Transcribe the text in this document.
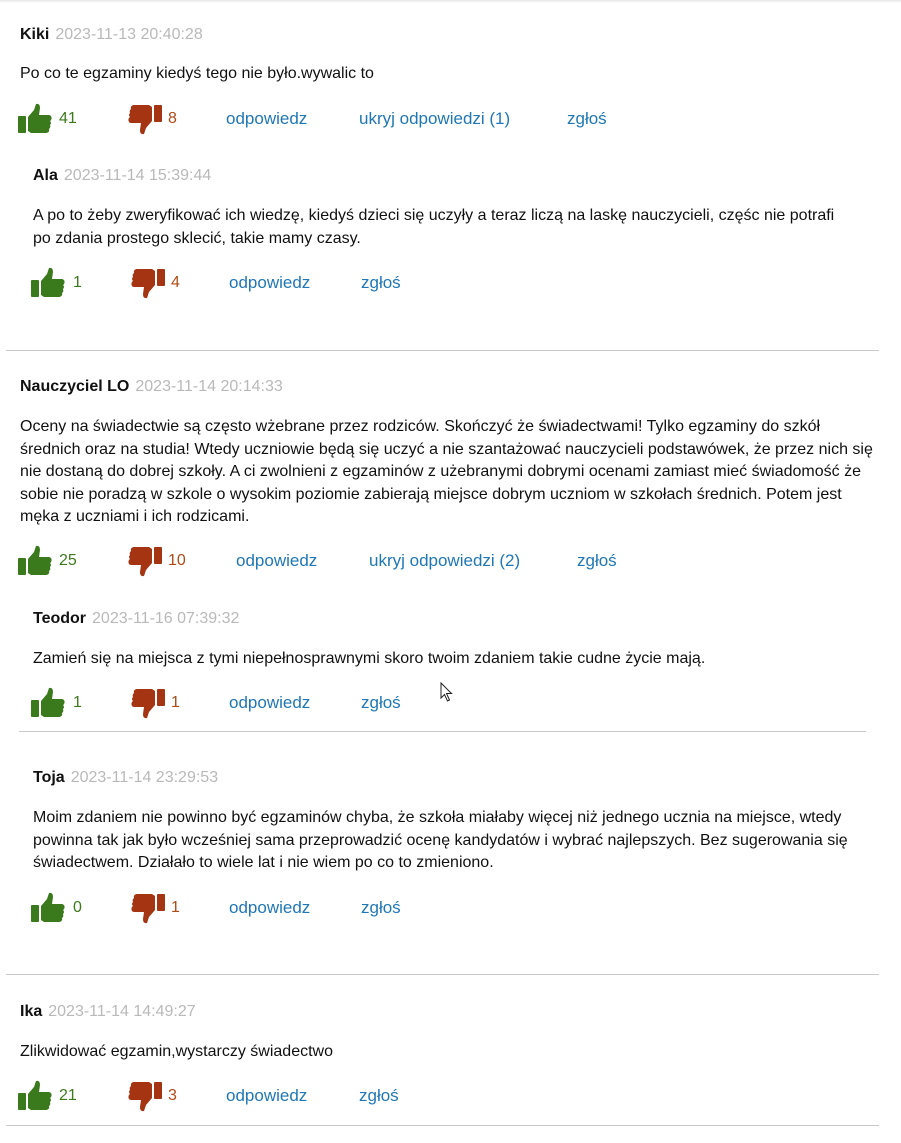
Kiki 2023-11-13 20:40:28
Po co te egzaminy kiedyś tego nie było.wywalic to
41	8	odpowiedz	ukryj odpowiedzi (1)	zgłoś
Ala 2023-11-14 15:39:44
A po to żeby zweryfikować ich wiedzę, kiedyś dzieci się uczyły a teraz liczą na laskę nauczycieli, częśc nie potrafi po zdania prostego sklecić, takie mamy czasy.
1	4	odpowiedz	zgłoś
Nauczyciel LO 2023-11-14 20:14:33
Oceny na świadectwie są często wżebrane przez rodziców. Skończyć że świadectwami! Tylko egzaminy do szkół średnich oraz na studia! Wtedy uczniowie będą się uczyć a nie szantażować nauczycieli podstawówek, że przez nich się nie dostaną do dobrej szkoły. A ci zwolnieni z egzaminów z użebranymi dobrymi ocenami zamiast mieć świadomość że sobie nie poradzą w szkole o wysokim poziomie zabierają miejsce dobrym uczniom w szkołach średnich. Potem jest męka z uczniami i ich rodzicami.
25	10	odpowiedz	ukryj odpowiedzi (2)	zgłoś
Teodor 2023-11-16 07:39:32
Zamień się na miejsca z tymi niepełnosprawnymi skoro twoim zdaniem takie cudne życie mają.
1	1	odpowiedz	zgłoś
Toja 2023-11-14 23:29:53
Moim zdaniem nie powinno być egzaminów chyba, że szkoła miałaby więcej niż jednego ucznia na miejsce, wtedy powinna tak jak było wcześniej sama przeprowadzić ocenę kandydatów i wybrać najlepszych. Bez sugerowania się świadectwem. Działało to wiele lat i nie wiem po co to zmieniono.
0	1	odpowiedz	zgłoś
Ika 2023-11-14 14:49:27
Zlikwidować egzamin,wystarczy świadectwo
21	3	odpowiedz	zgłoś
